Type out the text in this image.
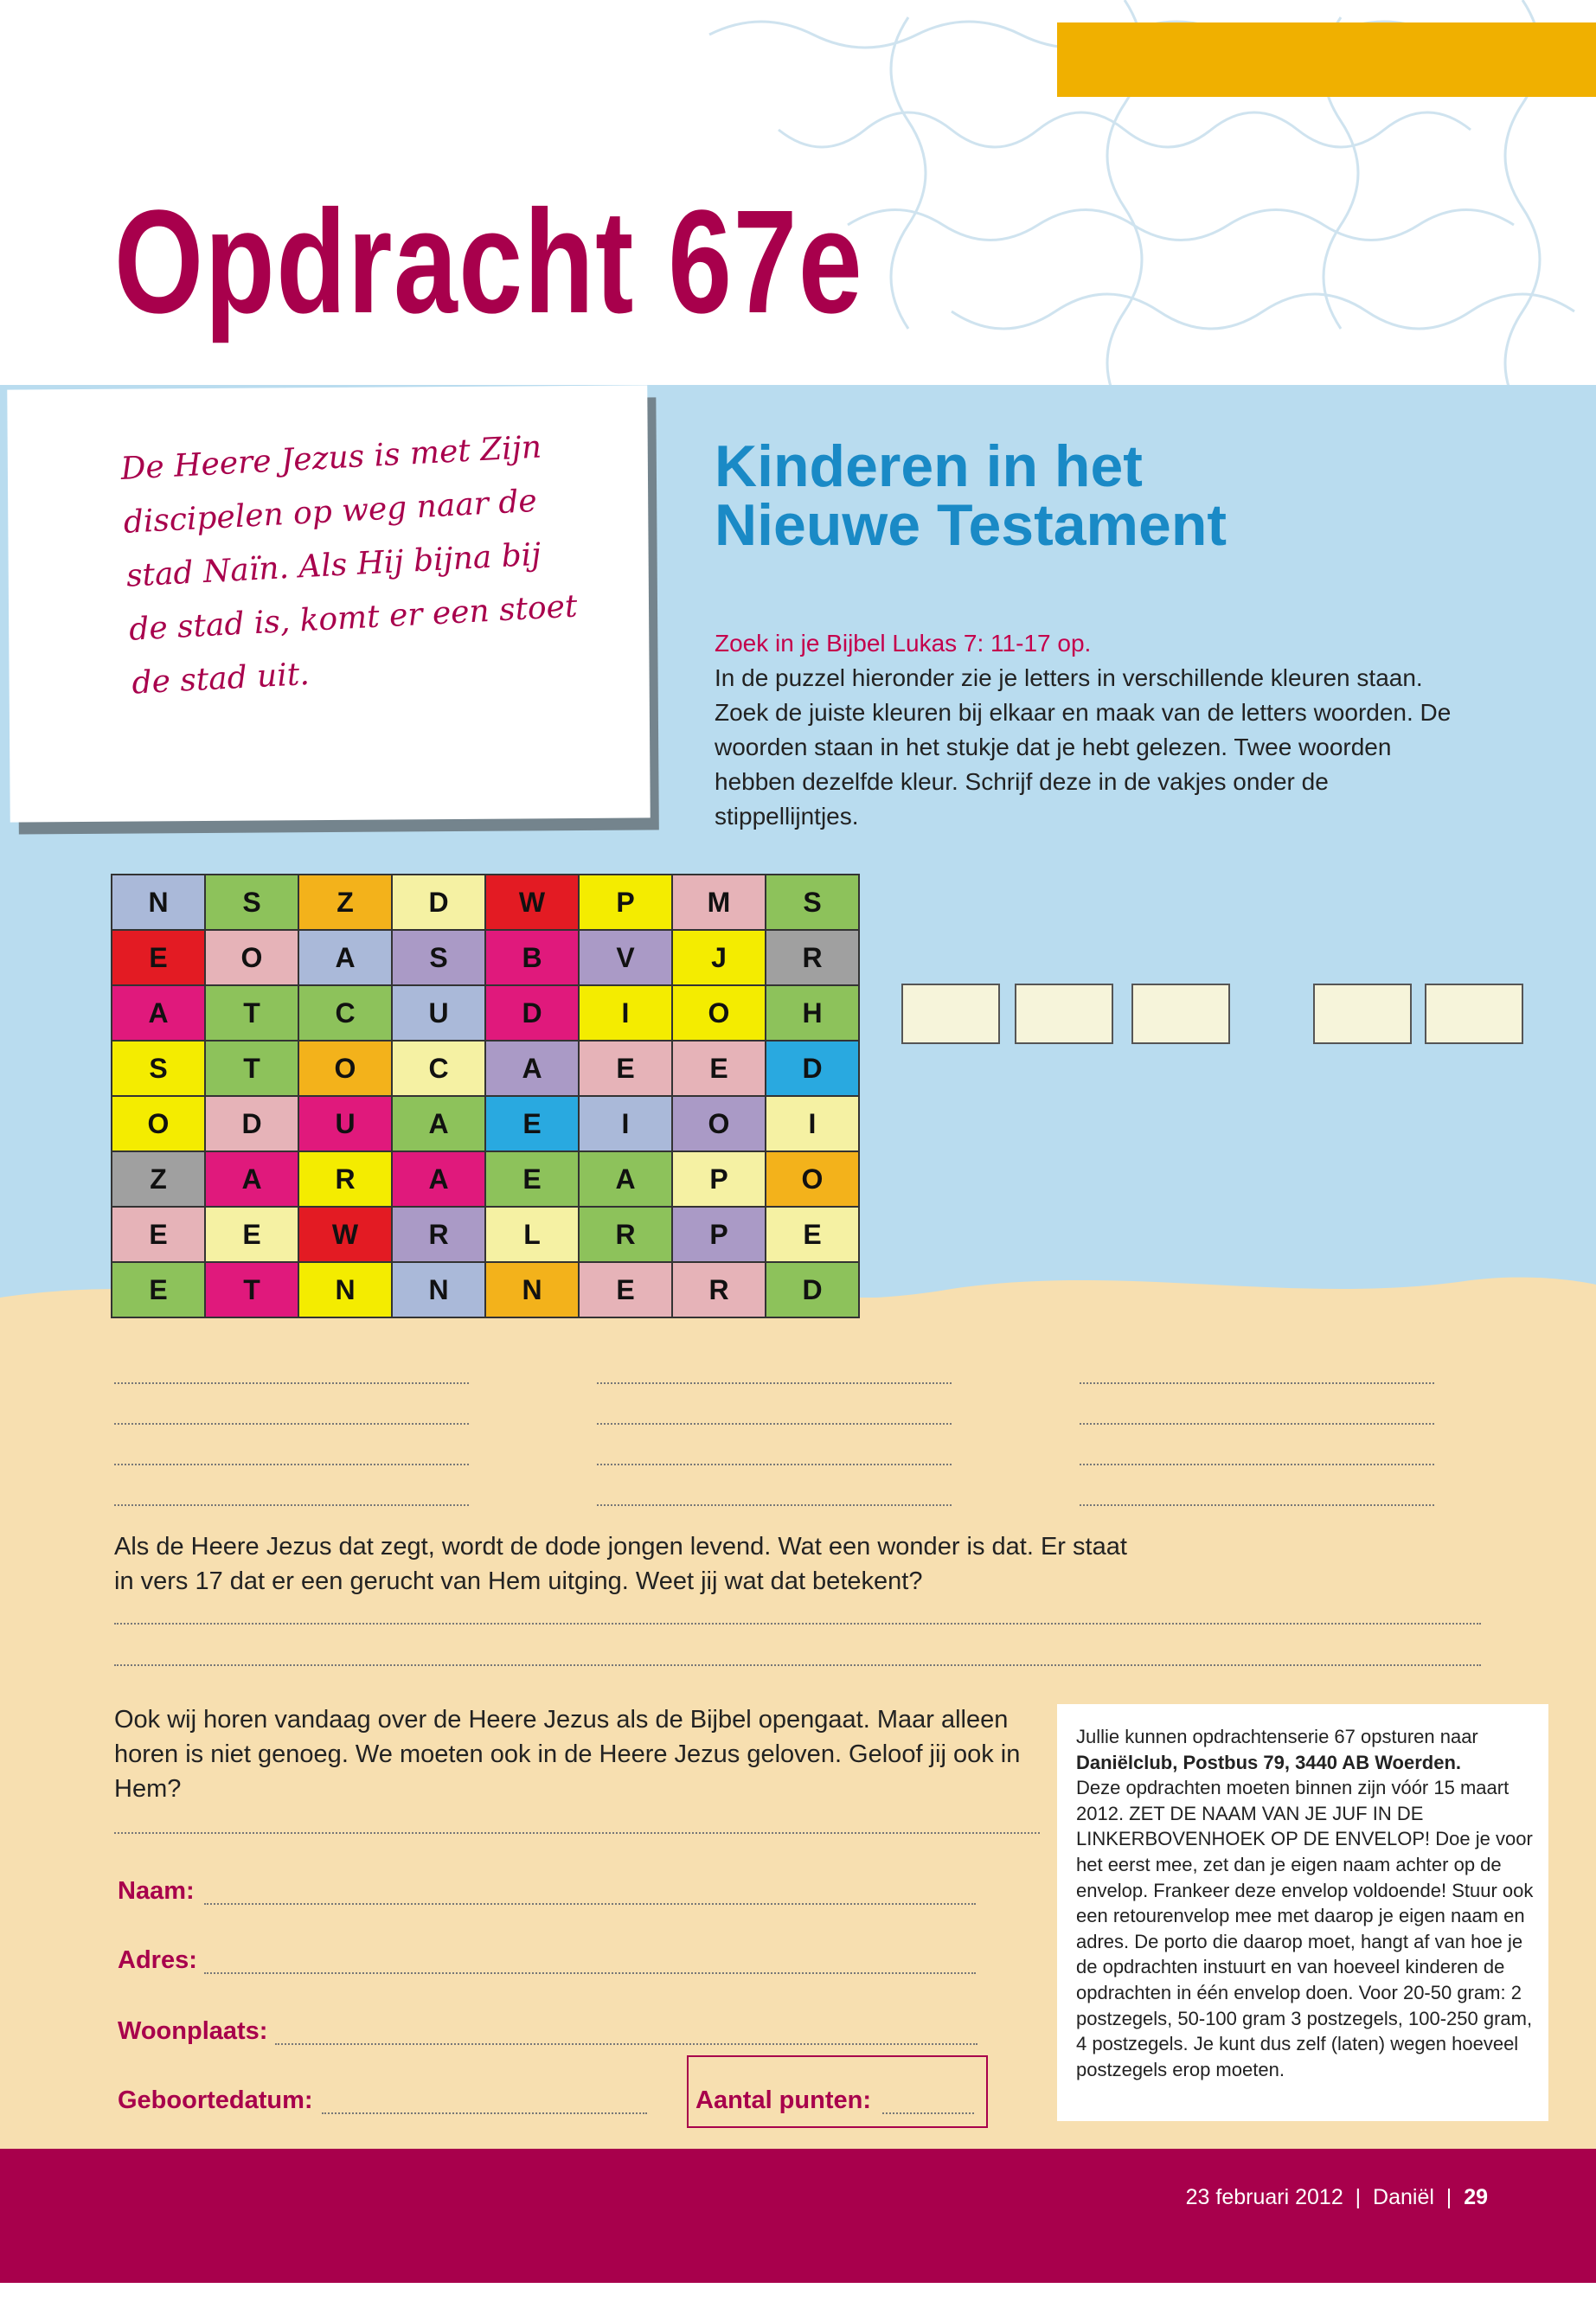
Opdracht 67e
De Heere Jezus is met Zijn discipelen op weg naar de stad Naïn. Als Hij bijna bij de stad is, komt er een stoet de stad uit.
Kinderen in het
Nieuwe Testament
Zoek in je Bijbel Lukas 7: 11-17 op.
In de puzzel hieronder zie je letters in verschillende kleuren staan. Zoek de juiste kleuren bij elkaar en maak van de letters woorden. De woorden staan in het stukje dat je hebt gelezen. Twee woorden hebben dezelfde kleur. Schrijf deze in de vakjes onder de stippellijntjes.
N	S	Z	D	W	P	M	S
E	O	A	S	B	V	J	R
A	T	C	U	D	I	O	H
S	T	O	C	A	E	E	D
O	D	U	A	E	I	O	I
Z	A	R	A	E	A	P	O
E	E	W	R	L	R	P	E
E	T	N	N	N	E	R	D
Als de Heere Jezus dat zegt, wordt de dode jongen levend. Wat een wonder is dat. Er staat in vers 17 dat er een gerucht van Hem uitging. Weet jij wat dat betekent?
Ook wij horen vandaag over de Heere Jezus als de Bijbel opengaat. Maar alleen horen is niet genoeg. We moeten ook in de Heere Jezus geloven. Geloof jij ook in Hem?
Naam:
Adres:
Woonplaats:
Geboortedatum:	Aantal punten:
Jullie kunnen opdrachtenserie 67 opsturen naar
Daniëlclub, Postbus 79, 3440 AB Woerden.
Deze opdrachten moeten binnen zijn vóór 15 maart 2012. ZET DE NAAM VAN JE JUF IN DE LINKERBOVENHOEK OP DE ENVELOP! Doe je voor het eerst mee, zet dan je eigen naam achter op de envelop. Frankeer deze envelop voldoende! Stuur ook een retourenvelop mee met daarop je eigen naam en adres. De porto die daarop moet, hangt af van hoe je de opdrachten instuurt en van hoeveel kinderen de opdrachten in één envelop doen. Voor 20-50 gram: 2 postzegels, 50-100 gram 3 postzegels, 100-250 gram, 4 postzegels. Je kunt dus zelf (laten) wegen hoeveel postzegels erop moeten.
23 februari 2012  |  Daniël  |  29
